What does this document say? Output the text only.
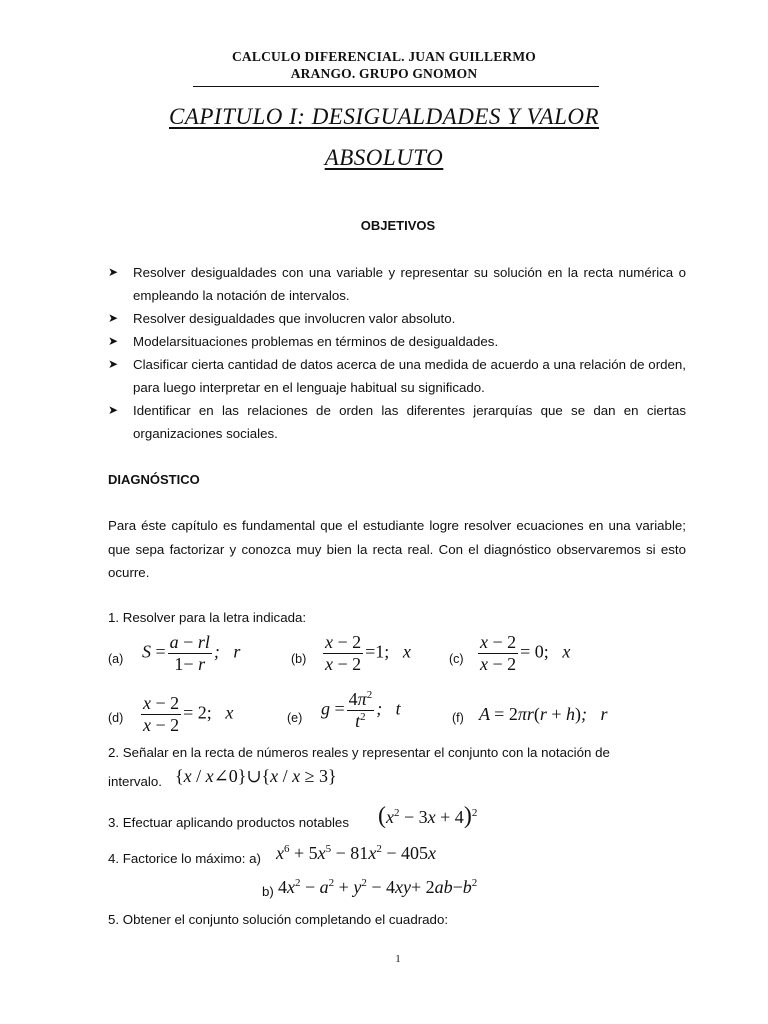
CALCULO DIFERENCIAL. JUAN GUILLERMO
ARANGO. GRUPO GNOMON
CAPITULO I: DESIGUALDADES Y VALOR
ABSOLUTO
OBJETIVOS
➤ Resolver desigualdades con una variable y representar su solución en la recta numérica o empleando la notación de intervalos.
➤ Resolver desigualdades que involucren valor absoluto.
➤ Modelarsituaciones problemas en términos de desigualdades.
➤ Clasificar cierta cantidad de datos acerca de una medida de acuerdo a una relación de orden, para luego interpretar en el lenguaje habitual su significado.
➤ Identificar en las relaciones de orden las diferentes jerarquías que se dan en ciertas organizaciones sociales.
DIAGNÓSTICO
Para éste capítulo es fundamental que el estudiante logre resolver ecuaciones en una variable; que sepa factorizar y conozca muy bien la recta real. Con el diagnóstico observaremos si esto ocurre.
1. Resolver para la letra indicada:
(a) $S = \frac{a - rl}{1- r}$ ;   r	$(b) \frac{x - 2}{x - 2} =1$;   x	$(c) \frac{x - 2}{x - 2} = 0$;   x
$(d) \frac{x - 2}{x - 2} = 2$;   x	(e) $g = \frac{4\pi^2}{t^2}$ ;   t	(f) A = 2πr(r + h);   r
2. Señalar en la recta de números reales y representar el conjunto con la notación de
intervalo. {x / x∠0}∪{x / x ≥ 3}
3. Efectuar aplicando productos notables $(x^2 - 3x + 4)^2$
4. Factorice lo máximo: a) $x^6 + 5x^5 - 81x^2 - 405x$
b) $4x^2 - a^2 + y^2 - 4xy+ 2ab-b^2$
5. Obtener el conjunto solución completando el cuadrado:
1
